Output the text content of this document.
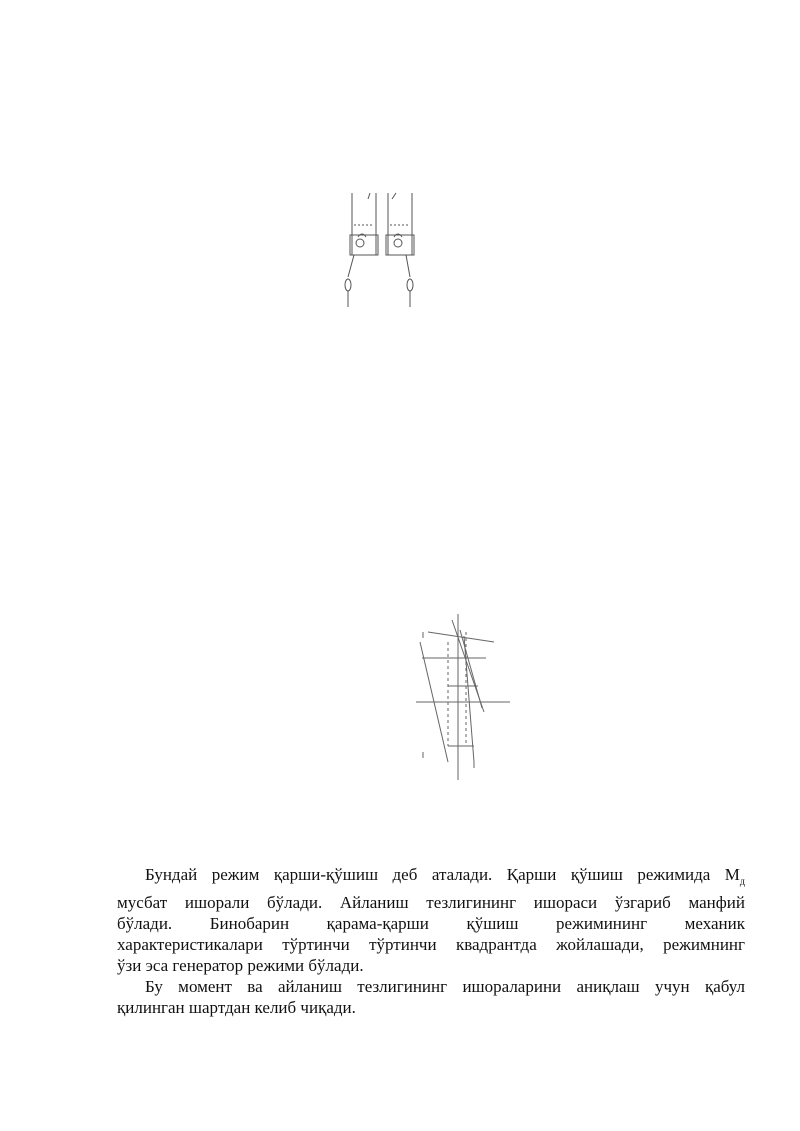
Бундай режим қарши-қўшиш деб аталади. Қарши қўшиш режимида $M_д$
мусбат ишорали бўлади. Айланиш тезлигининг ишораси ўзгариб манфий
бўлади. Бинобарин қарама-қарши қўшиш режимининг механик
характеристикалари тўртинчи тўртинчи квадрантда жойлашади, режимнинг
ўзи эса генератор режими бўлади.
Бу момент ва айланиш тезлигининг ишораларини аниқлаш учун қабул
қилинган шартдан келиб чиқади.
